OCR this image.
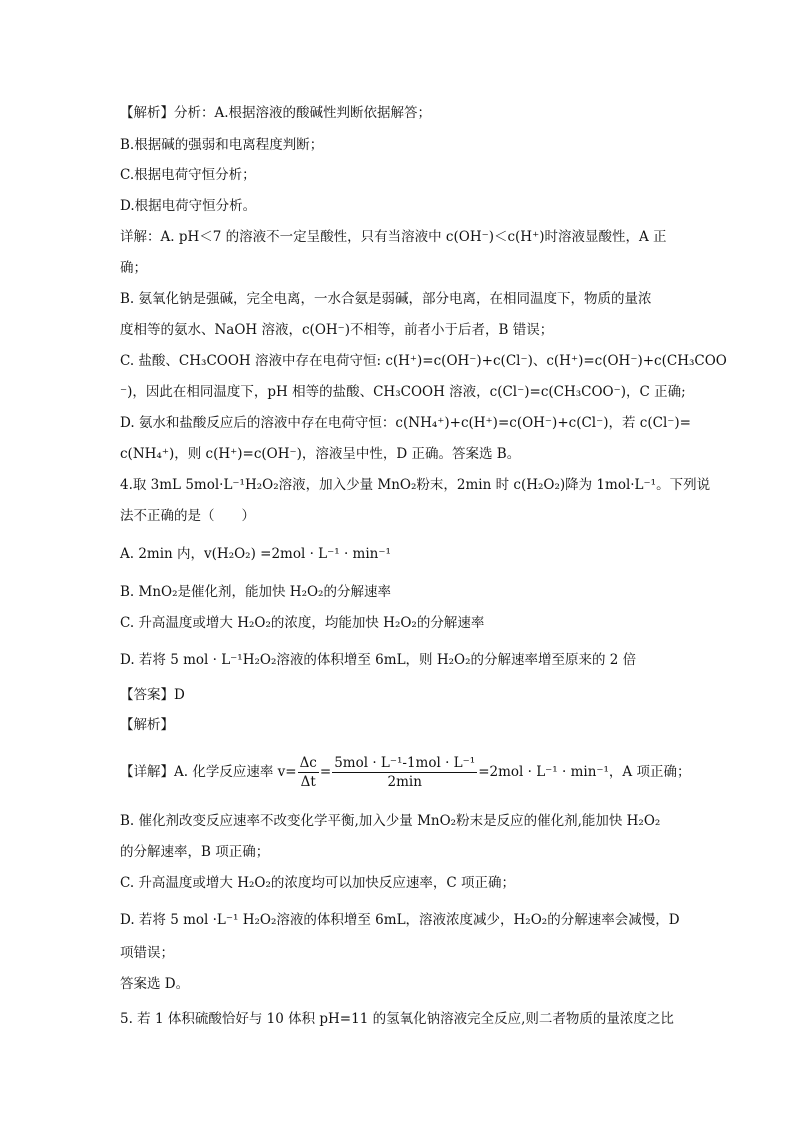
【解析】分析：A.根据溶液的酸碱性判断依据解答；
B.根据碱的强弱和电离程度判断；
C.根据电荷守恒分析；
D.根据电荷守恒分析。
详解：A. pH＜7 的溶液不一定呈酸性，只有当溶液中 c(OH⁻)＜c(H⁺)时溶液显酸性，A 正
确；
B. 氨氧化钠是强碱，完全电离，一水合氨是弱碱，部分电离，在相同温度下，物质的量浓
度相等的氨水、NaOH 溶液，c(OH⁻)不相等，前者小于后者，B 错误；
C. 盐酸、CH₃COOH 溶液中存在电荷守恒: c(H⁺)=c(OH⁻)+c(Cl⁻)、c(H⁺)=c(OH⁻)+c(CH₃COO
⁻)，因此在相同温度下，pH 相等的盐酸、CH₃COOH 溶液，c(Cl⁻)=c(CH₃COO⁻)，C 正确;
D. 氨水和盐酸反应后的溶液中存在电荷守恒：c(NH₄⁺)+c(H⁺)=c(OH⁻)+c(Cl⁻)，若 c(Cl⁻)=
c(NH₄⁺)，则 c(H⁺)=c(OH⁻)，溶液呈中性，D 正确。答案选 B。
4.取 3mL 5mol·L⁻¹H₂O₂溶液，加入少量 MnO₂粉末，2min 时 c(H₂O₂)降为 1mol·L⁻¹。下列说
法不正确的是（　　）
A. 2min 内，v(H₂O₂) =2mol · L⁻¹ · min⁻¹
B. MnO₂是催化剂，能加快 H₂O₂的分解速率
C. 升高温度或增大 H₂O₂的浓度，均能加快 H₂O₂的分解速率
D. 若将 5 mol · L⁻¹H₂O₂溶液的体积增至 6mL，则 H₂O₂的分解速率增至原来的 2 倍
【答案】D
【解析】
【详解】A. 化学反应速率 $v= \frac{\Delta c}{\Delta t} = \frac{\text{5mol · L⁻¹-1mol · L⁻¹}}{2\min} =2mol \cdot L^{-1} \cdot \min^{-1}$，A 项正确；
B. 催化剂改变反应速率不改变化学平衡,加入少量 MnO₂粉末是反应的催化剂,能加快 H₂O₂
的分解速率，B 项正确；
C. 升高温度或增大 H₂O₂的浓度均可以加快反应速率，C 项正确；
D. 若将 5 mol ·L⁻¹ H₂O₂溶液的体积增至 6mL，溶液浓度减少，H₂O₂的分解速率会减慢，D
项错误；
答案选 D。
5. 若 1 体积硫酸恰好与 10 体积 pH=11 的氢氧化钠溶液完全反应,则二者物质的量浓度之比
